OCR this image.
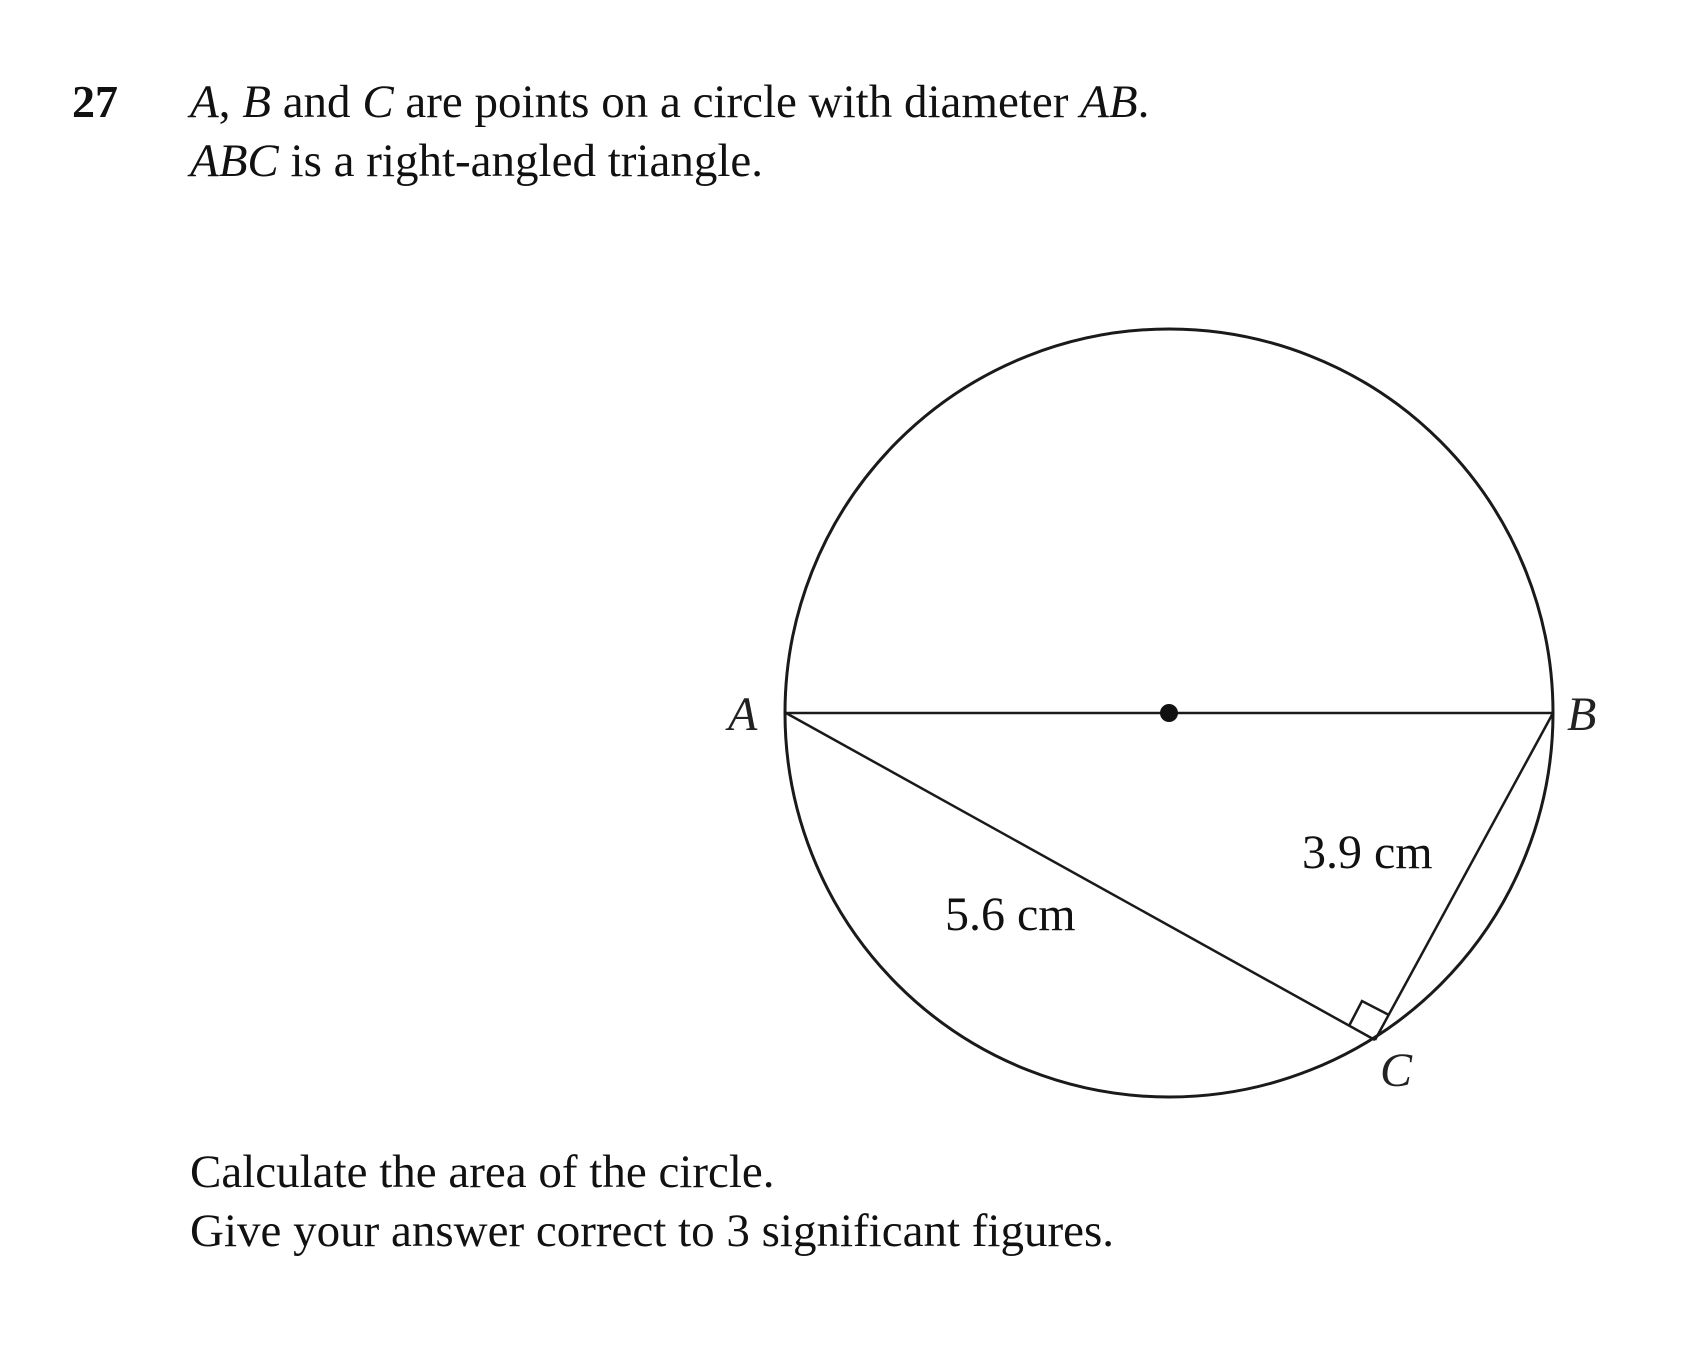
27 A, B and C are points on a circle with diameter AB.
ABC is a right-angled triangle.
A	B
C
5.6 cm
3.9 cm
Calculate the area of the circle.
Give your answer correct to 3 significant figures.
